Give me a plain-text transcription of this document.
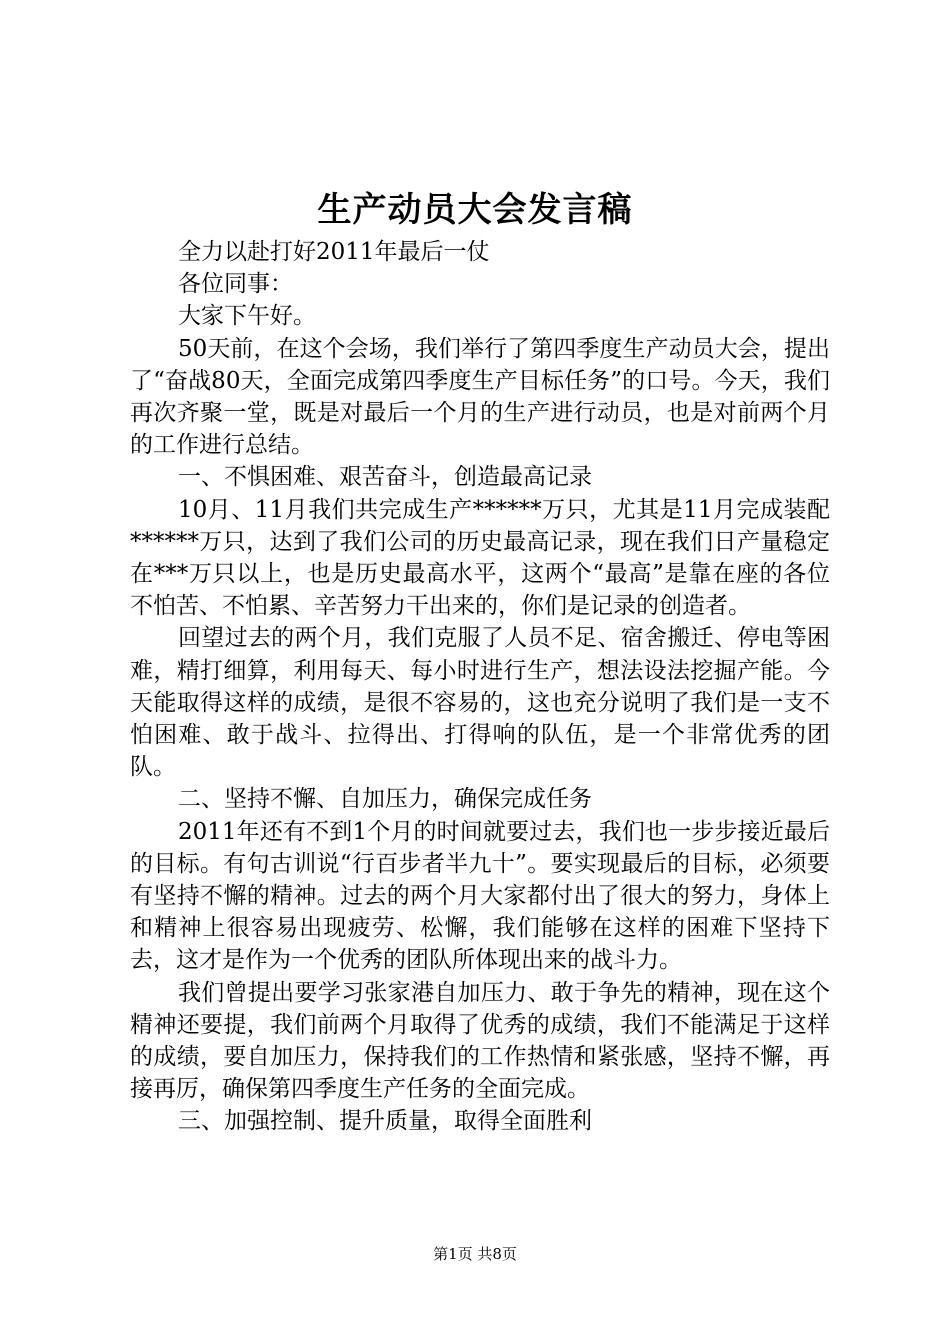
生产动员大会发言稿

全力以赴打好2011年最后一仗

各位同事：

大家下午好。

50天前，在这个会场，我们举行了第四季度生产动员大会，提出了“奋战80天，全面完成第四季度生产目标任务”的口号。今天，我们再次齐聚一堂，既是对最后一个月的生产进行动员，也是对前两个月的工作进行总结。

一、不惧困难、艰苦奋斗，创造最高记录

10月、11月我们共完成生产******万只，尤其是11月完成装配******万只，达到了我们公司的历史最高记录，现在我们日产量稳定在***万只以上，也是历史最高水平，这两个“最高”是靠在座的各位不怕苦、不怕累、辛苦努力干出来的，你们是记录的创造者。

回望过去的两个月，我们克服了人员不足、宿舍搬迁、停电等困难，精打细算，利用每天、每小时进行生产，想法设法挖掘产能。今天能取得这样的成绩，是很不容易的，这也充分说明了我们是一支不怕困难、敢于战斗、拉得出、打得响的队伍，是一个非常优秀的团队。

二、坚持不懈、自加压力，确保完成任务

2011年还有不到1个月的时间就要过去，我们也一步步接近最后的目标。有句古训说“行百步者半九十”。要实现最后的目标，必须要有坚持不懈的精神。过去的两个月大家都付出了很大的努力，身体上和精神上很容易出现疲劳、松懈，我们能够在这样的困难下坚持下去，这才是作为一个优秀的团队所体现出来的战斗力。

我们曾提出要学习张家港自加压力、敢于争先的精神，现在这个精神还要提，我们前两个月取得了优秀的成绩，我们不能满足于这样的成绩，要自加压力，保持我们的工作热情和紧张感，坚持不懈，再接再厉，确保第四季度生产任务的全面完成。

三、加强控制、提升质量，取得全面胜利

第1页 共8页
